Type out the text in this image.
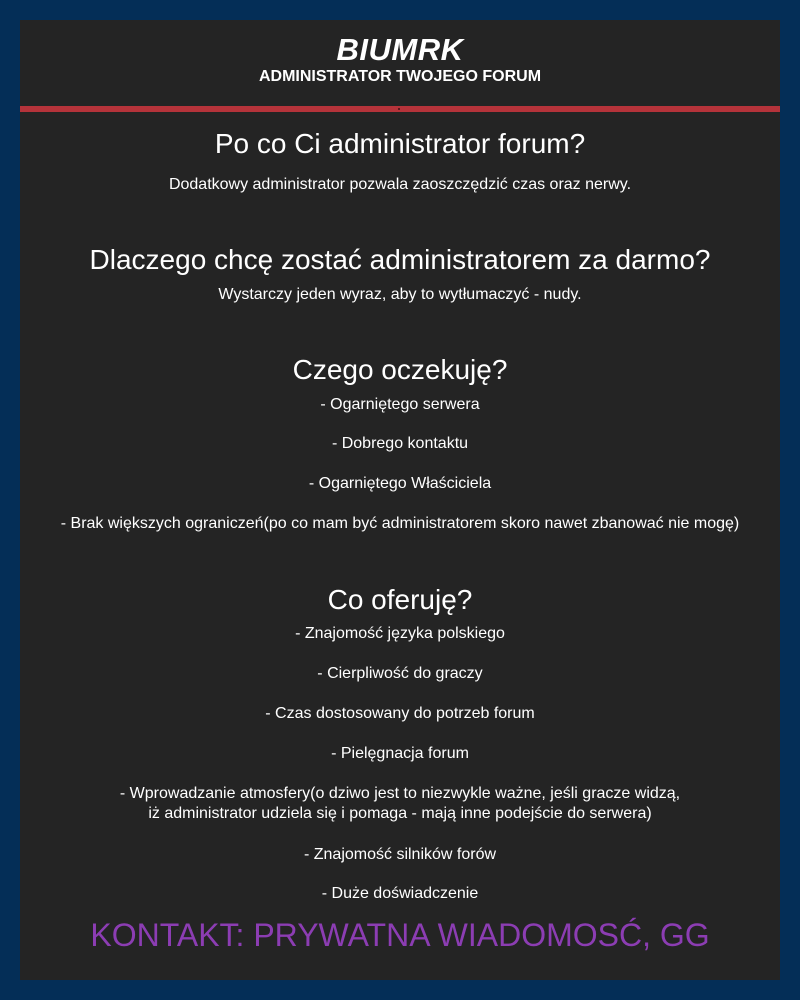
BIUMRK
ADMINISTRATOR TWOJEGO FORUM
Po co Ci administrator forum?
Dodatkowy administrator pozwala zaoszczędzić czas oraz nerwy.
Dlaczego chcę zostać administratorem za darmo?
Wystarczy jeden wyraz, aby to wytłumaczyć - nudy.
Czego oczekuję?
- Ogarniętego serwera
- Dobrego kontaktu
- Ogarniętego Właściciela
- Brak większych ograniczeń(po co mam być administratorem skoro nawet zbanować nie mogę)
Co oferuję?
- Znajomość języka polskiego
- Cierpliwość do graczy
- Czas dostosowany do potrzeb forum
- Pielęgnacja forum
- Wprowadzanie atmosfery(o dziwo jest to niezwykle ważne, jeśli gracze widzą,
iż administrator udziela się i pomaga - mają inne podejście do serwera)
- Znajomość silników forów
- Duże doświadczenie
KONTAKT: PRYWATNA WIADOMOSĆ, GG
